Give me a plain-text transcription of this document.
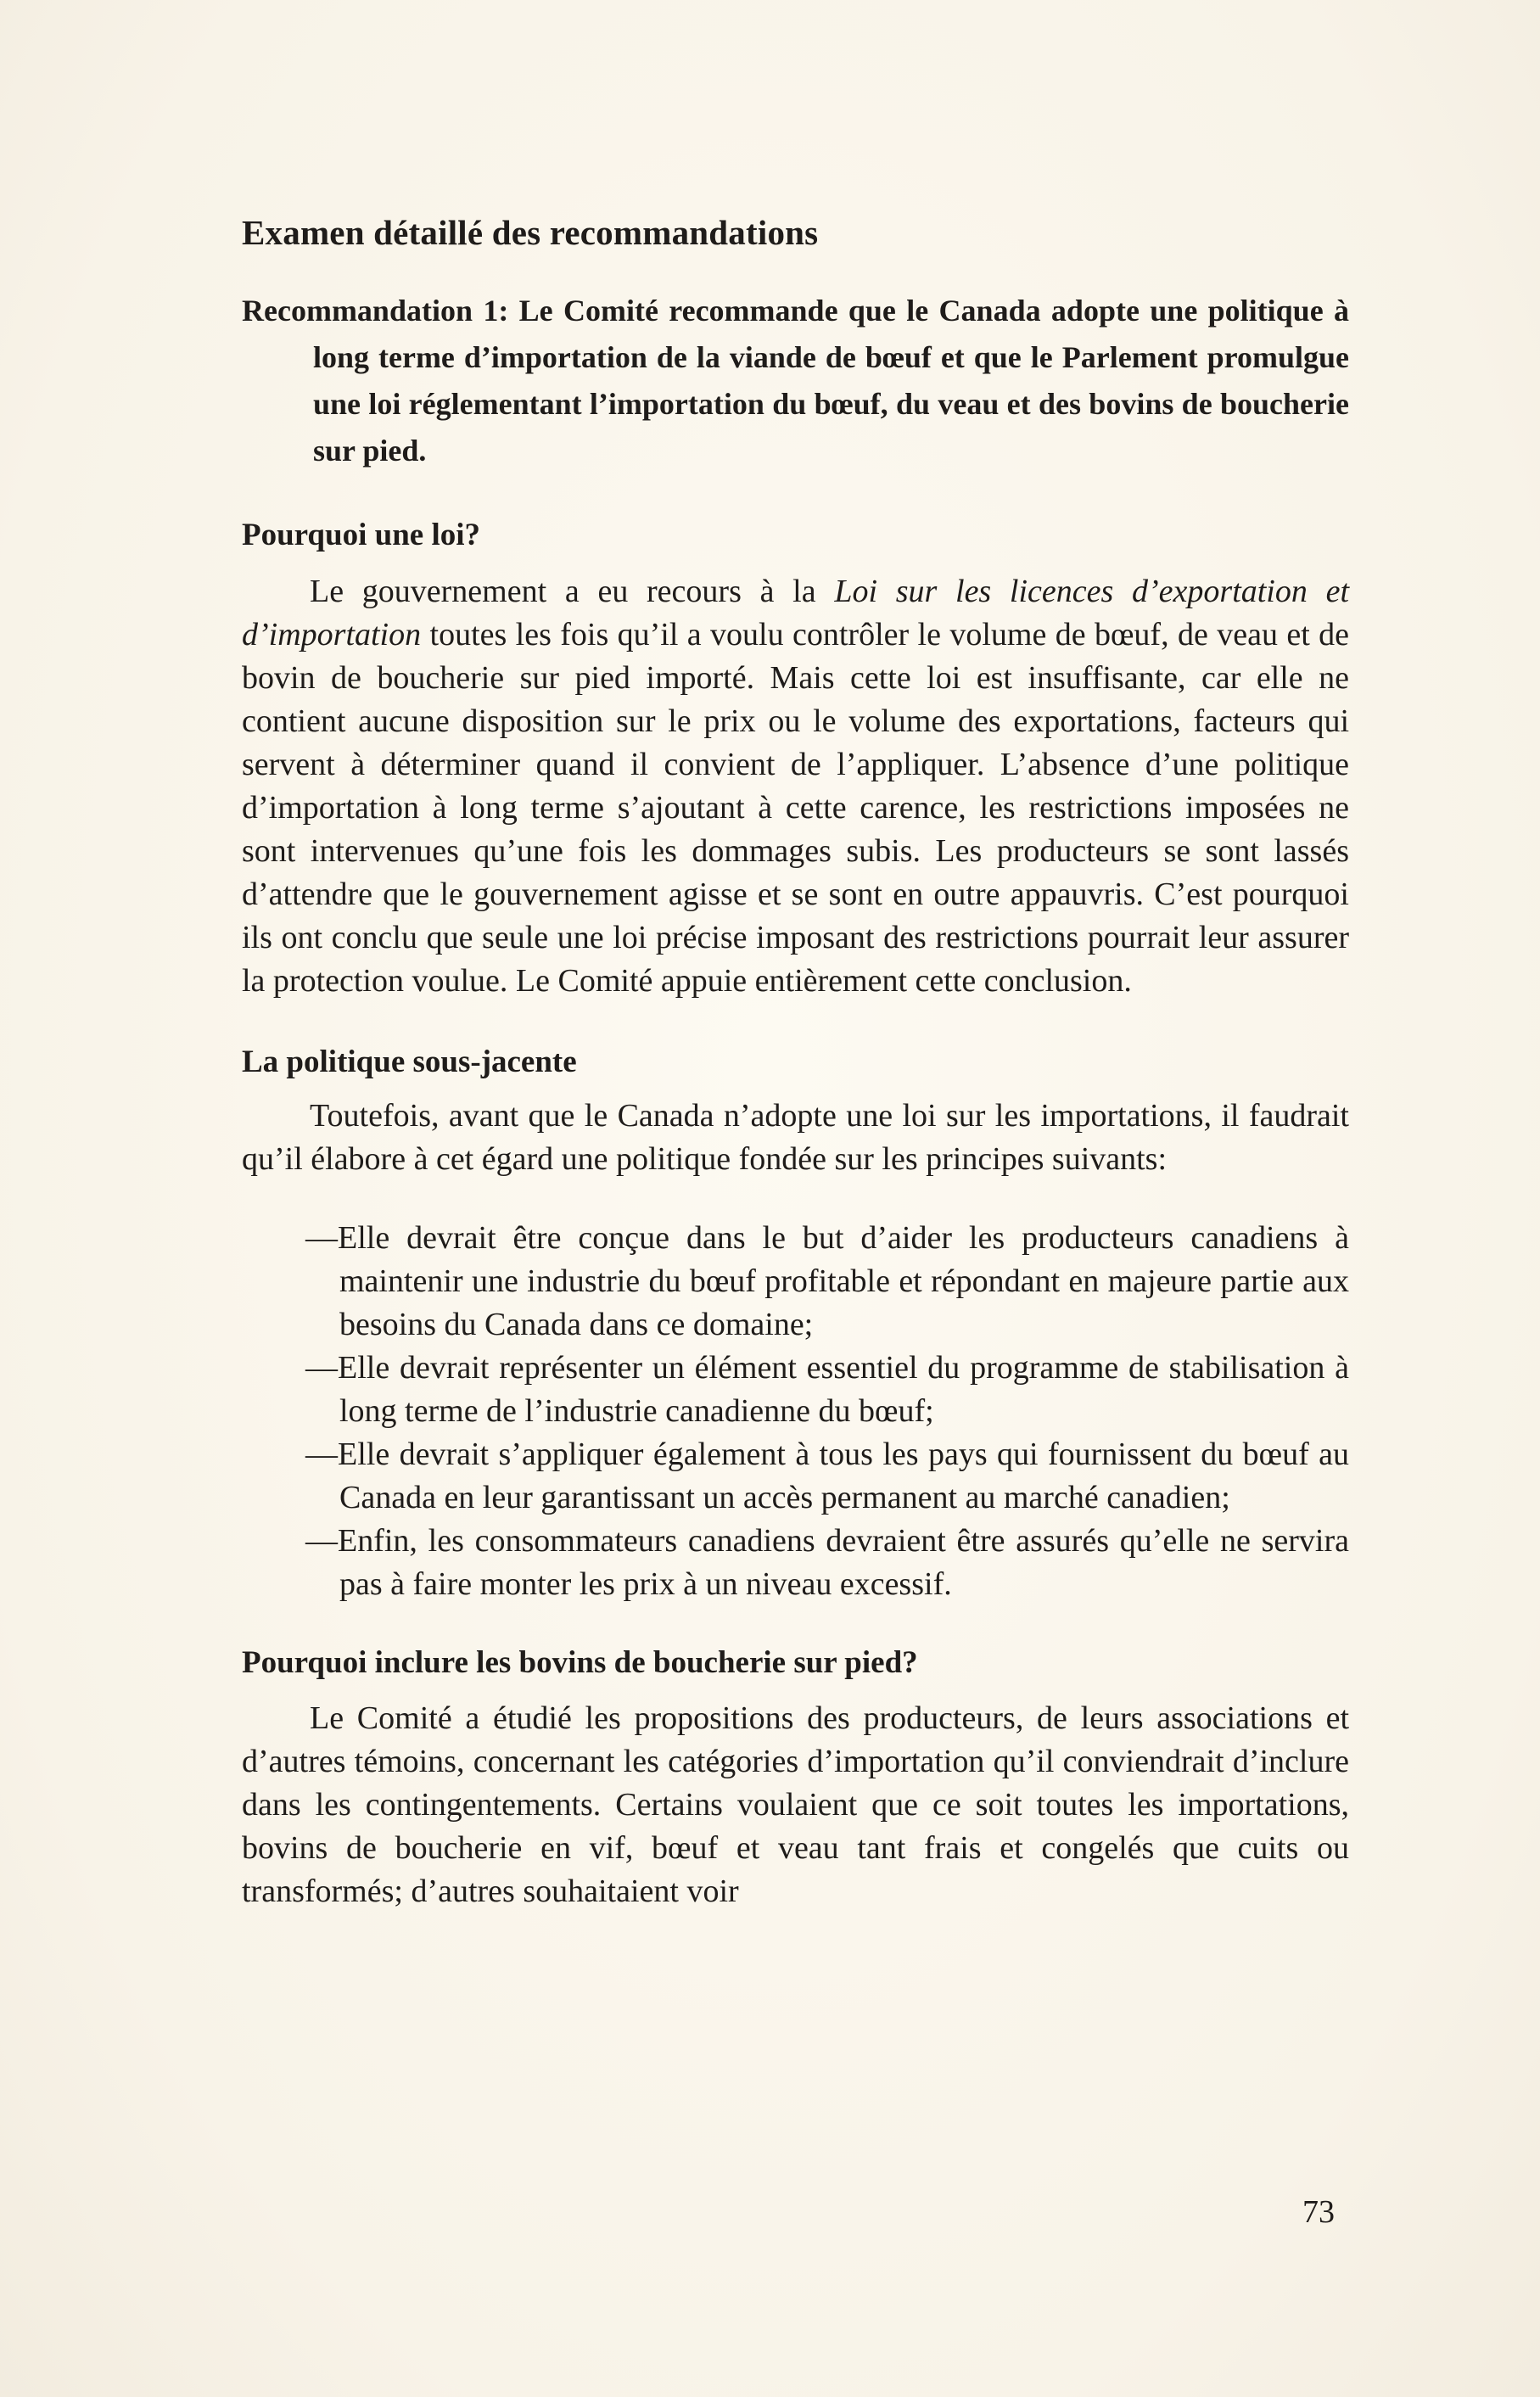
Examen détaillé des recommandations
Recommandation 1: Le Comité recommande que le Canada adopte une politique à long terme d’importation de la viande de bœuf et que le Parlement promulgue une loi réglementant l’importation du bœuf, du veau et des bovins de boucherie sur pied.
Pourquoi une loi?

Le gouvernement a eu recours à la Loi sur les licences d’exportation et d’importation toutes les fois qu’il a voulu contrôler le volume de bœuf, de veau et de bovin de boucherie sur pied importé. Mais cette loi est insuffisante, car elle ne contient aucune disposition sur le prix ou le volume des exportations, facteurs qui servent à déterminer quand il convient de l’appliquer. L’absence d’une politique d’importation à long terme s’ajoutant à cette carence, les restrictions imposées ne sont intervenues qu’une fois les dommages subis. Les producteurs se sont lassés d’attendre que le gouvernement agisse et se sont en outre appauvris. C’est pourquoi ils ont conclu que seule une loi précise imposant des restrictions pourrait leur assurer la protection voulue. Le Comité appuie entièrement cette conclusion.

La politique sous-jacente

Toutefois, avant que le Canada n’adopte une loi sur les importations, il faudrait qu’il élabore à cet égard une politique fondée sur les principes suivants:

—Elle devrait être conçue dans le but d’aider les producteurs canadiens à maintenir une industrie du bœuf profitable et répondant en majeure partie aux besoins du Canada dans ce domaine;
—Elle devrait représenter un élément essentiel du programme de stabilisation à long terme de l’industrie canadienne du bœuf;
—Elle devrait s’appliquer également à tous les pays qui fournissent du bœuf au Canada en leur garantissant un accès permanent au marché canadien;
—Enfin, les consommateurs canadiens devraient être assurés qu’elle ne servira pas à faire monter les prix à un niveau excessif.
Pourquoi inclure les bovins de boucherie sur pied?

Le Comité a étudié les propositions des producteurs, de leurs associations et d’autres témoins, concernant les catégories d’importation qu’il conviendrait d’inclure dans les contingentements. Certains voulaient que ce soit toutes les importations, bovins de boucherie en vif, bœuf et veau tant frais et congelés que cuits ou transformés; d’autres souhaitaient voir

73
